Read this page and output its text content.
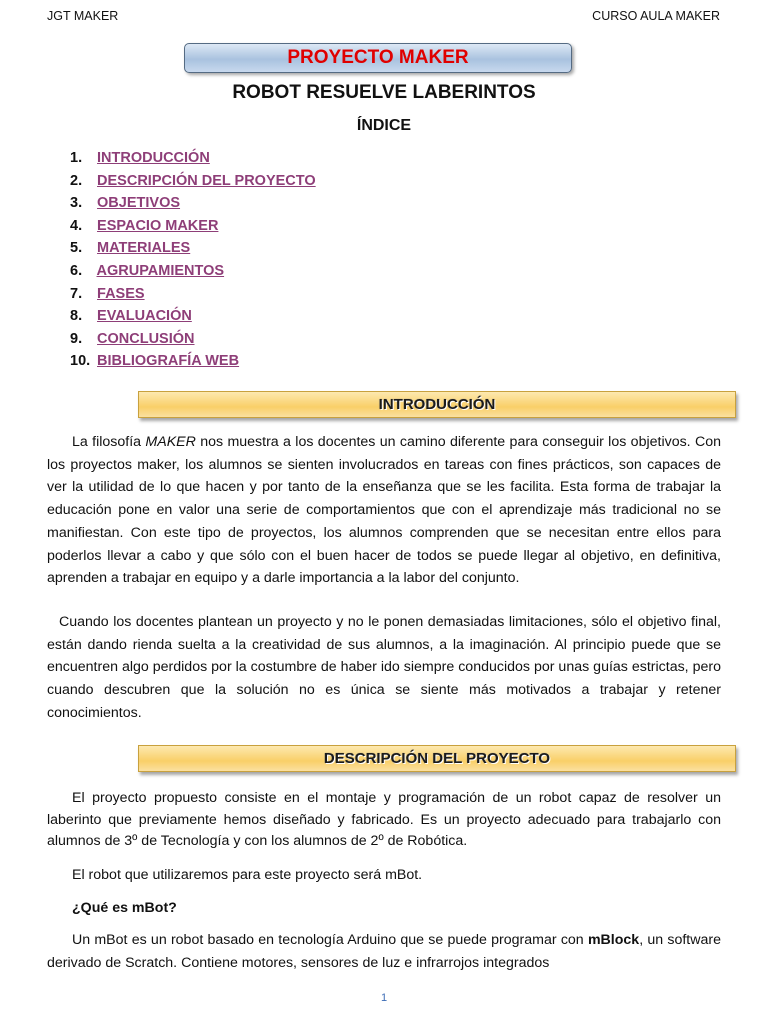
JGT MAKER	CURSO AULA MAKER
PROYECTO MAKER
ROBOT RESUELVE LABERINTOS
ÍNDICE
1. INTRODUCCIÓN
2. DESCRIPCIÓN DEL PROYECTO
3. OBJETIVOS
4. ESPACIO MAKER
5. MATERIALES
6. AGRUPAMIENTOS
7. FASES
8. EVALUACIÓN
9. CONCLUSIÓN
10. BIBLIOGRAFÍA WEB
INTRODUCCIÓN

La filosofía MAKER nos muestra a los docentes un camino diferente para conseguir los objetivos. Con los proyectos maker, los alumnos se sienten involucrados en tareas con fines prácticos, son capaces de ver la utilidad de lo que hacen y por tanto de la enseñanza que se les facilita. Esta forma de trabajar la educación pone en valor una serie de comportamientos que con el aprendizaje más tradicional no se manifiestan. Con este tipo de proyectos, los alumnos comprenden que se necesitan entre ellos para poderlos llevar a cabo y que sólo con el buen hacer de todos se puede llegar al objetivo, en definitiva, aprenden a trabajar en equipo y a darle importancia a la labor del conjunto.

Cuando los docentes plantean un proyecto y no le ponen demasiadas limitaciones, sólo el objetivo final, están dando rienda suelta a la creatividad de sus alumnos, a la imaginación. Al principio puede que se encuentren algo perdidos por la costumbre de haber ido siempre conducidos por unas guías estrictas, pero cuando descubren que la solución no es única se siente más motivados a trabajar y retener conocimientos.

DESCRIPCIÓN DEL PROYECTO

El proyecto propuesto consiste en el montaje y programación de un robot capaz de resolver un laberinto que previamente hemos diseñado y fabricado. Es un proyecto adecuado para trabajarlo con alumnos de 3º de Tecnología y con los alumnos de 2º de Robótica.

El robot que utilizaremos para este proyecto será mBot.

¿Qué es mBot?

Un mBot es un robot basado en tecnología Arduino que se puede programar con mBlock, un software derivado de Scratch. Contiene motores, sensores de luz e infrarrojos integrados

1
